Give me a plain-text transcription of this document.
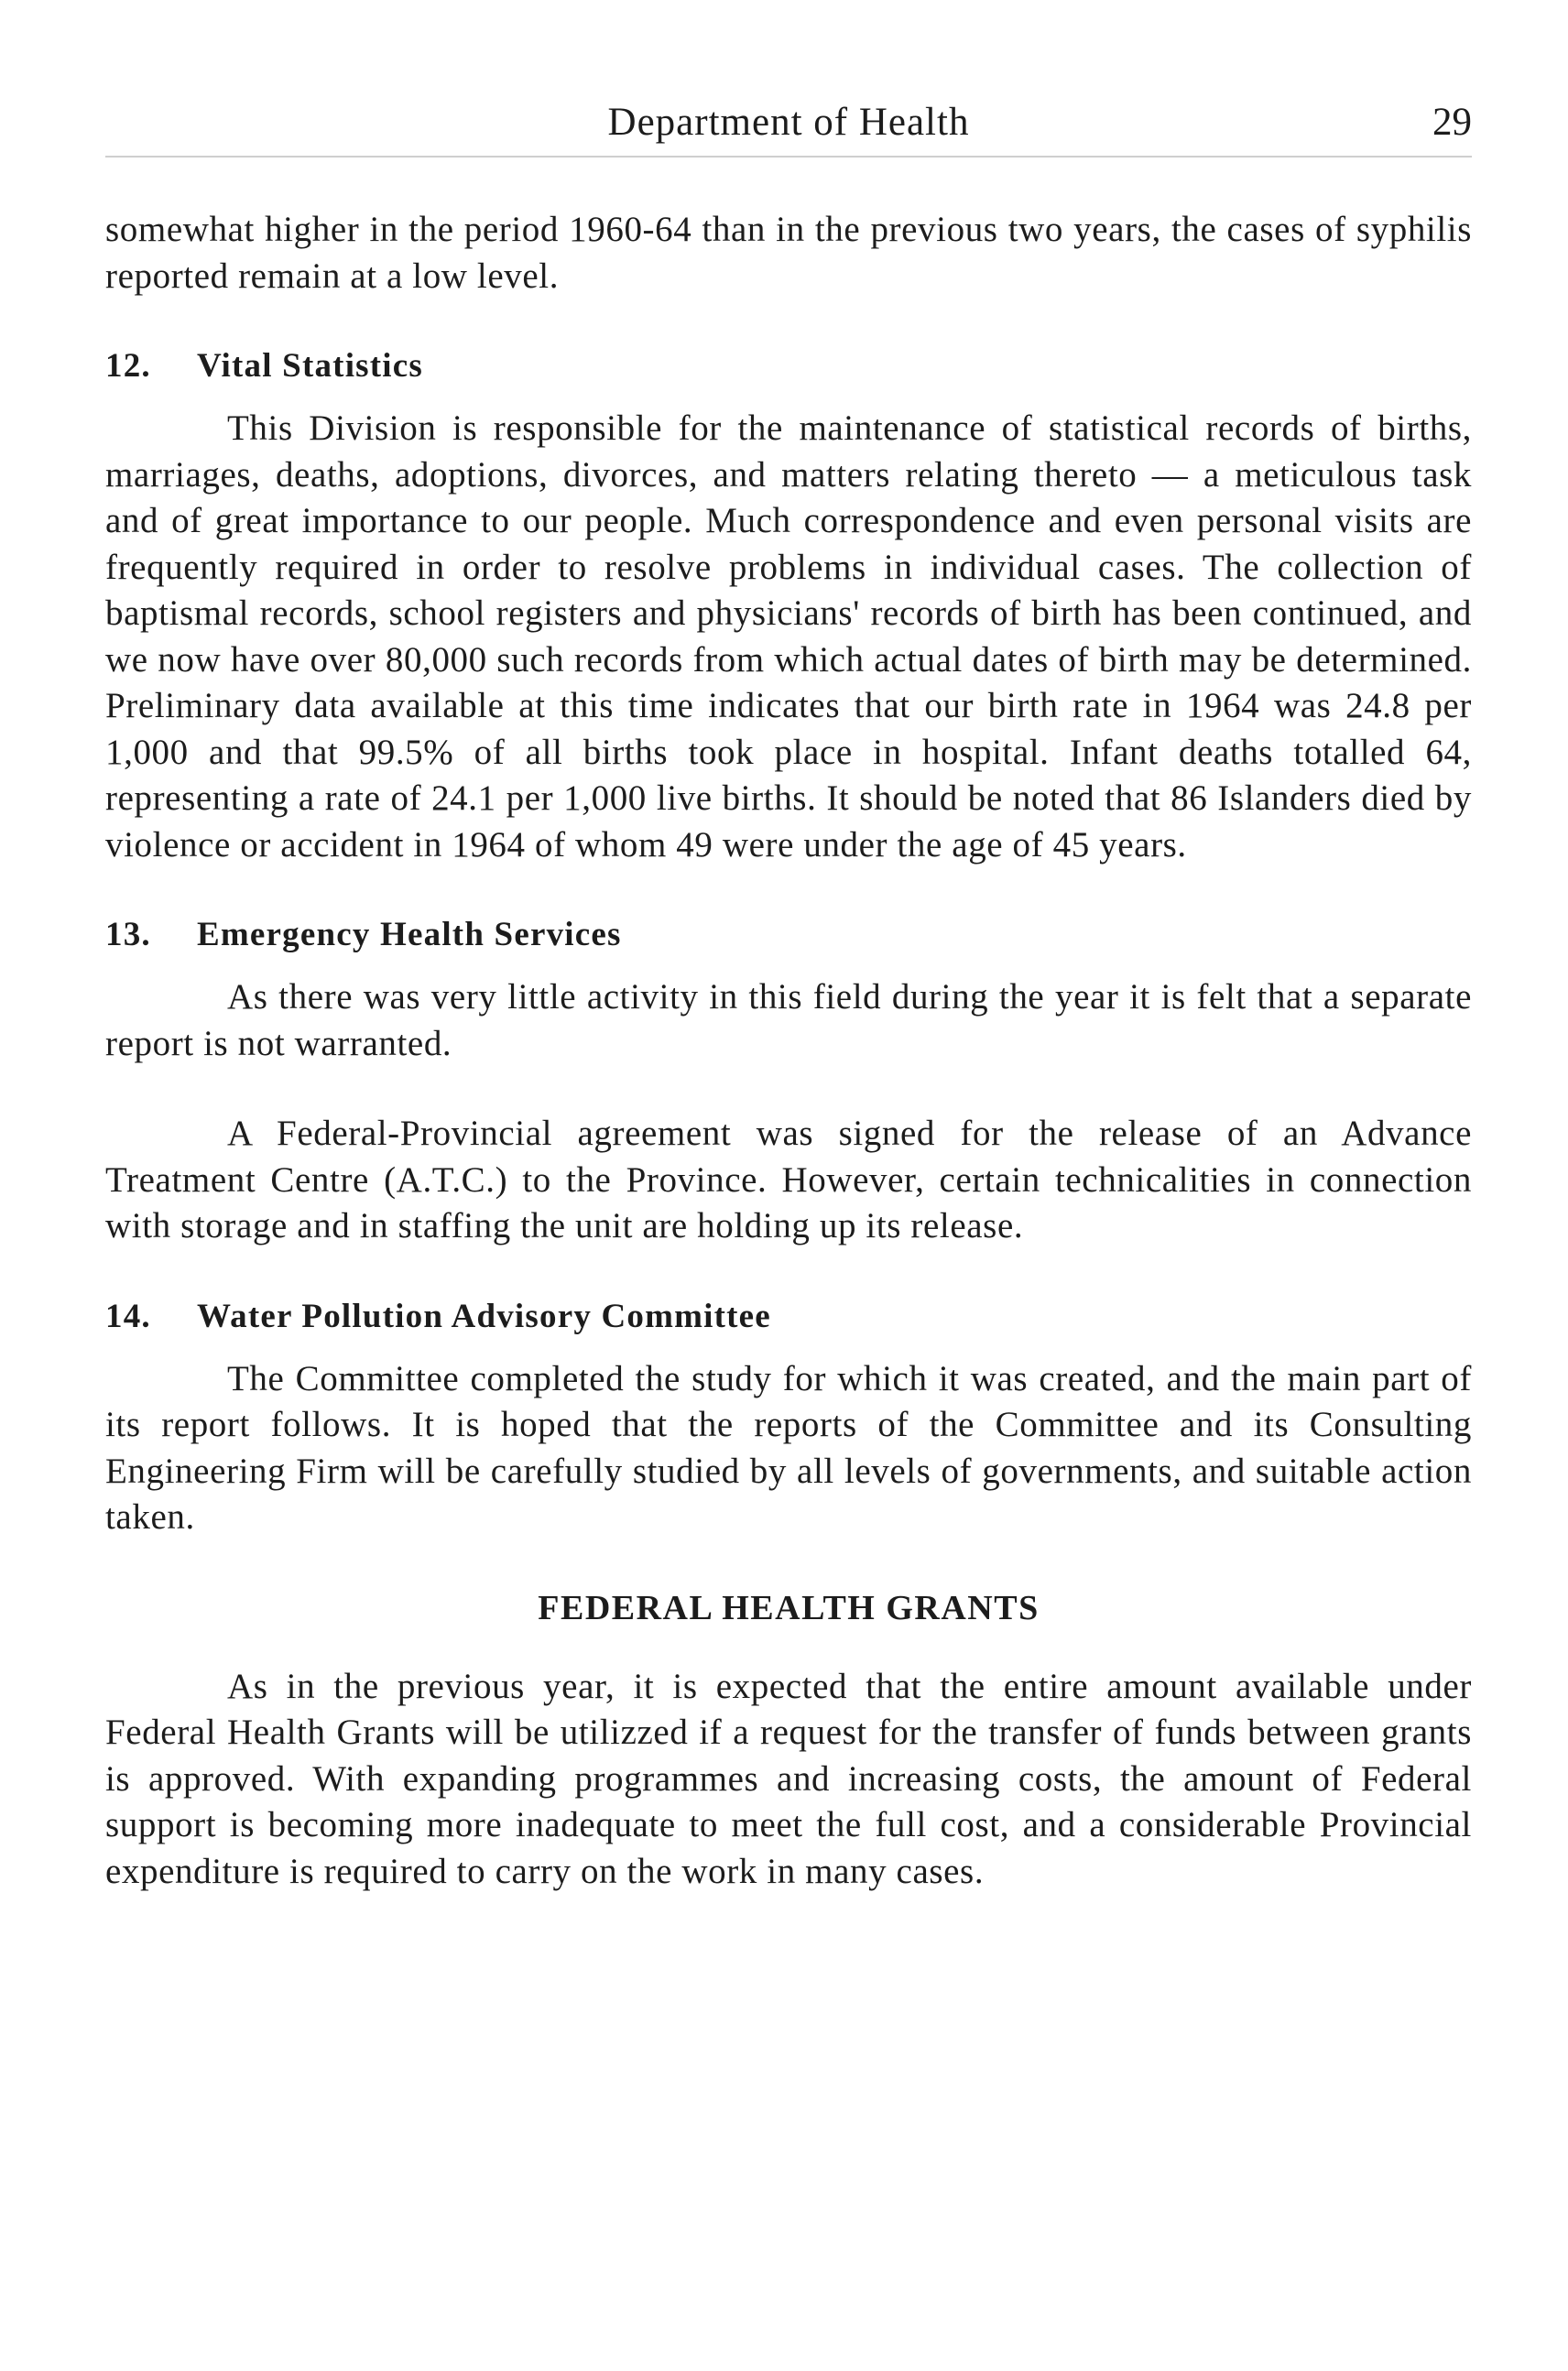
Department of Health	29

somewhat higher in the period 1960-64 than in the previous two years, the cases of syphilis reported remain at a low level.

12. Vital Statistics

This Division is responsible for the maintenance of statistical records of births, marriages, deaths, adoptions, divorces, and matters relating thereto — a meticulous task and of great importance to our people. Much correspondence and even personal visits are frequently required in order to resolve problems in individual cases. The collection of baptismal records, school registers and physicians' records of birth has been continued, and we now have over 80,000 such records from which actual dates of birth may be determined. Preliminary data available at this time indicates that our birth rate in 1964 was 24.8 per 1,000 and that 99.5% of all births took place in hospital. Infant deaths totalled 64, representing a rate of 24.1 per 1,000 live births. It should be noted that 86 Islanders died by violence or accident in 1964 of whom 49 were under the age of 45 years.

13. Emergency Health Services

As there was very little activity in this field during the year it is felt that a separate report is not warranted.

A Federal-Provincial agreement was signed for the release of an Advance Treatment Centre (A.T.C.) to the Province. However, certain technicalities in connection with storage and in staffing the unit are holding up its release.

14. Water Pollution Advisory Committee

The Committee completed the study for which it was created, and the main part of its report follows. It is hoped that the reports of the Committee and its Consulting Engineering Firm will be carefully studied by all levels of governments, and suitable action taken.

FEDERAL HEALTH GRANTS

As in the previous year, it is expected that the entire amount available under Federal Health Grants will be utilizzed if a request for the transfer of funds between grants is approved. With expanding programmes and increasing costs, the amount of Federal support is becoming more inadequate to meet the full cost, and a considerable Provincial expenditure is required to carry on the work in many cases.
